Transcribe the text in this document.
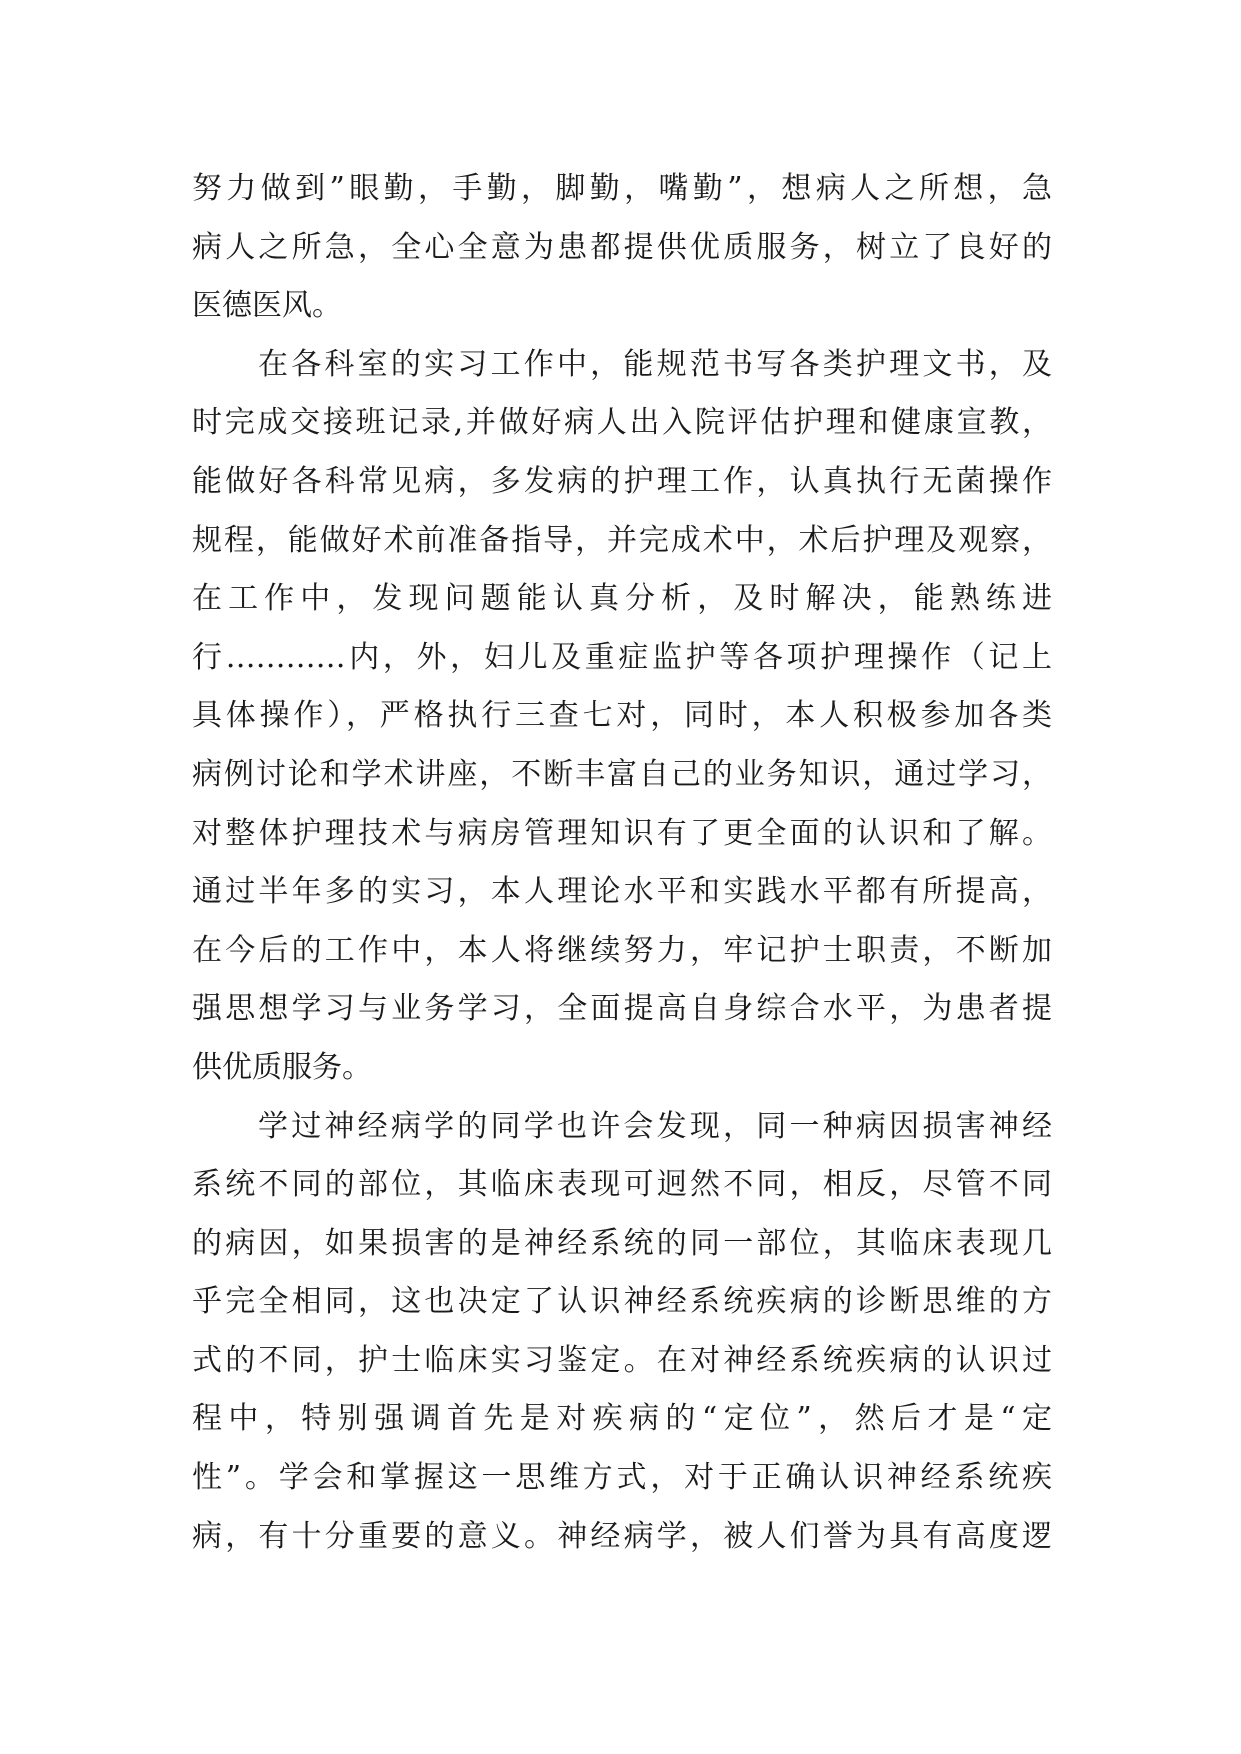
努力做到”眼勤，手勤，脚勤，嘴勤”，想病人之所想，急
病人之所急，全心全意为患都提供优质服务，树立了良好的
医德医风。
在各科室的实习工作中，能规范书写各类护理文书，及
时完成交接班记录,并做好病人出入院评估护理和健康宣教，
能做好各科常见病，多发病的护理工作，认真执行无菌操作
规程，能做好术前准备指导，并完成术中，术后护理及观察，
在工作中，发现问题能认真分析，及时解决，能熟练进
行…………内，外，妇儿及重症监护等各项护理操作（记上
具体操作），严格执行三查七对，同时，本人积极参加各类
病例讨论和学术讲座，不断丰富自己的业务知识，通过学习，
对整体护理技术与病房管理知识有了更全面的认识和了解。
通过半年多的实习，本人理论水平和实践水平都有所提高，
在今后的工作中，本人将继续努力，牢记护士职责，不断加
强思想学习与业务学习，全面提高自身综合水平，为患者提
供优质服务。
学过神经病学的同学也许会发现，同一种病因损害神经
系统不同的部位，其临床表现可迥然不同，相反，尽管不同
的病因，如果损害的是神经系统的同一部位，其临床表现几
乎完全相同，这也决定了认识神经系统疾病的诊断思维的方
式的不同，护士临床实习鉴定。在对神经系统疾病的认识过
程中，特别强调首先是对疾病的“定位”，然后才是“定
性”。学会和掌握这一思维方式，对于正确认识神经系统疾
病，有十分重要的意义。神经病学，被人们誉为具有高度逻
